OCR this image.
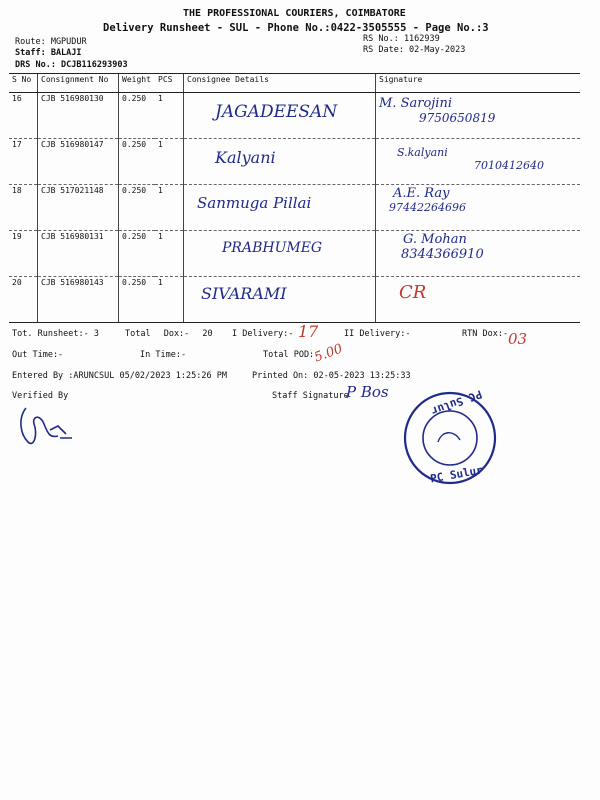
THE PROFESSIONAL COURIERS, COIMBATORE
Delivery Runsheet - SUL - Phone No.:0422-3505555 - Page No.:3
Route: MGPUDUR
Staff: BALAJI
DRS No.: DCJB116293903
RS No.: 1162939
RS Date: 02-May-2023
S No	Consignment No	Weight	PCS	Consignee Details	Signature
16	CJB 516980130	0.250	1	JAGADEESAN	M. Sarojini
9750650819

17	CJB 516980147	0.250	1	Kalyani	S.kalyani
7010412640

18	CJB 517021148	0.250	1	Sanmuga Pillai	A.E. Ray
97442264696

19	CJB 516980131	0.250	1	PRABHUMEG	G. Mohan
8344366910

20	CJB 516980143	0.250	1	SIVARAMI	CR
Tot. Runsheet:- 3	Total Dox:- 20 I Delivery:- 17	II Delivery:-	RTN Dox:- 03
Out Time:-	In Time:-	Total POD:-
5.00
Entered By :ARUNCSUL 05/02/2023 1:25:26 PM	Printed On: 02-05-2023 13:25:33
Verified By	Staff Signature
P Bos	PC Sulur
PC Sulur
